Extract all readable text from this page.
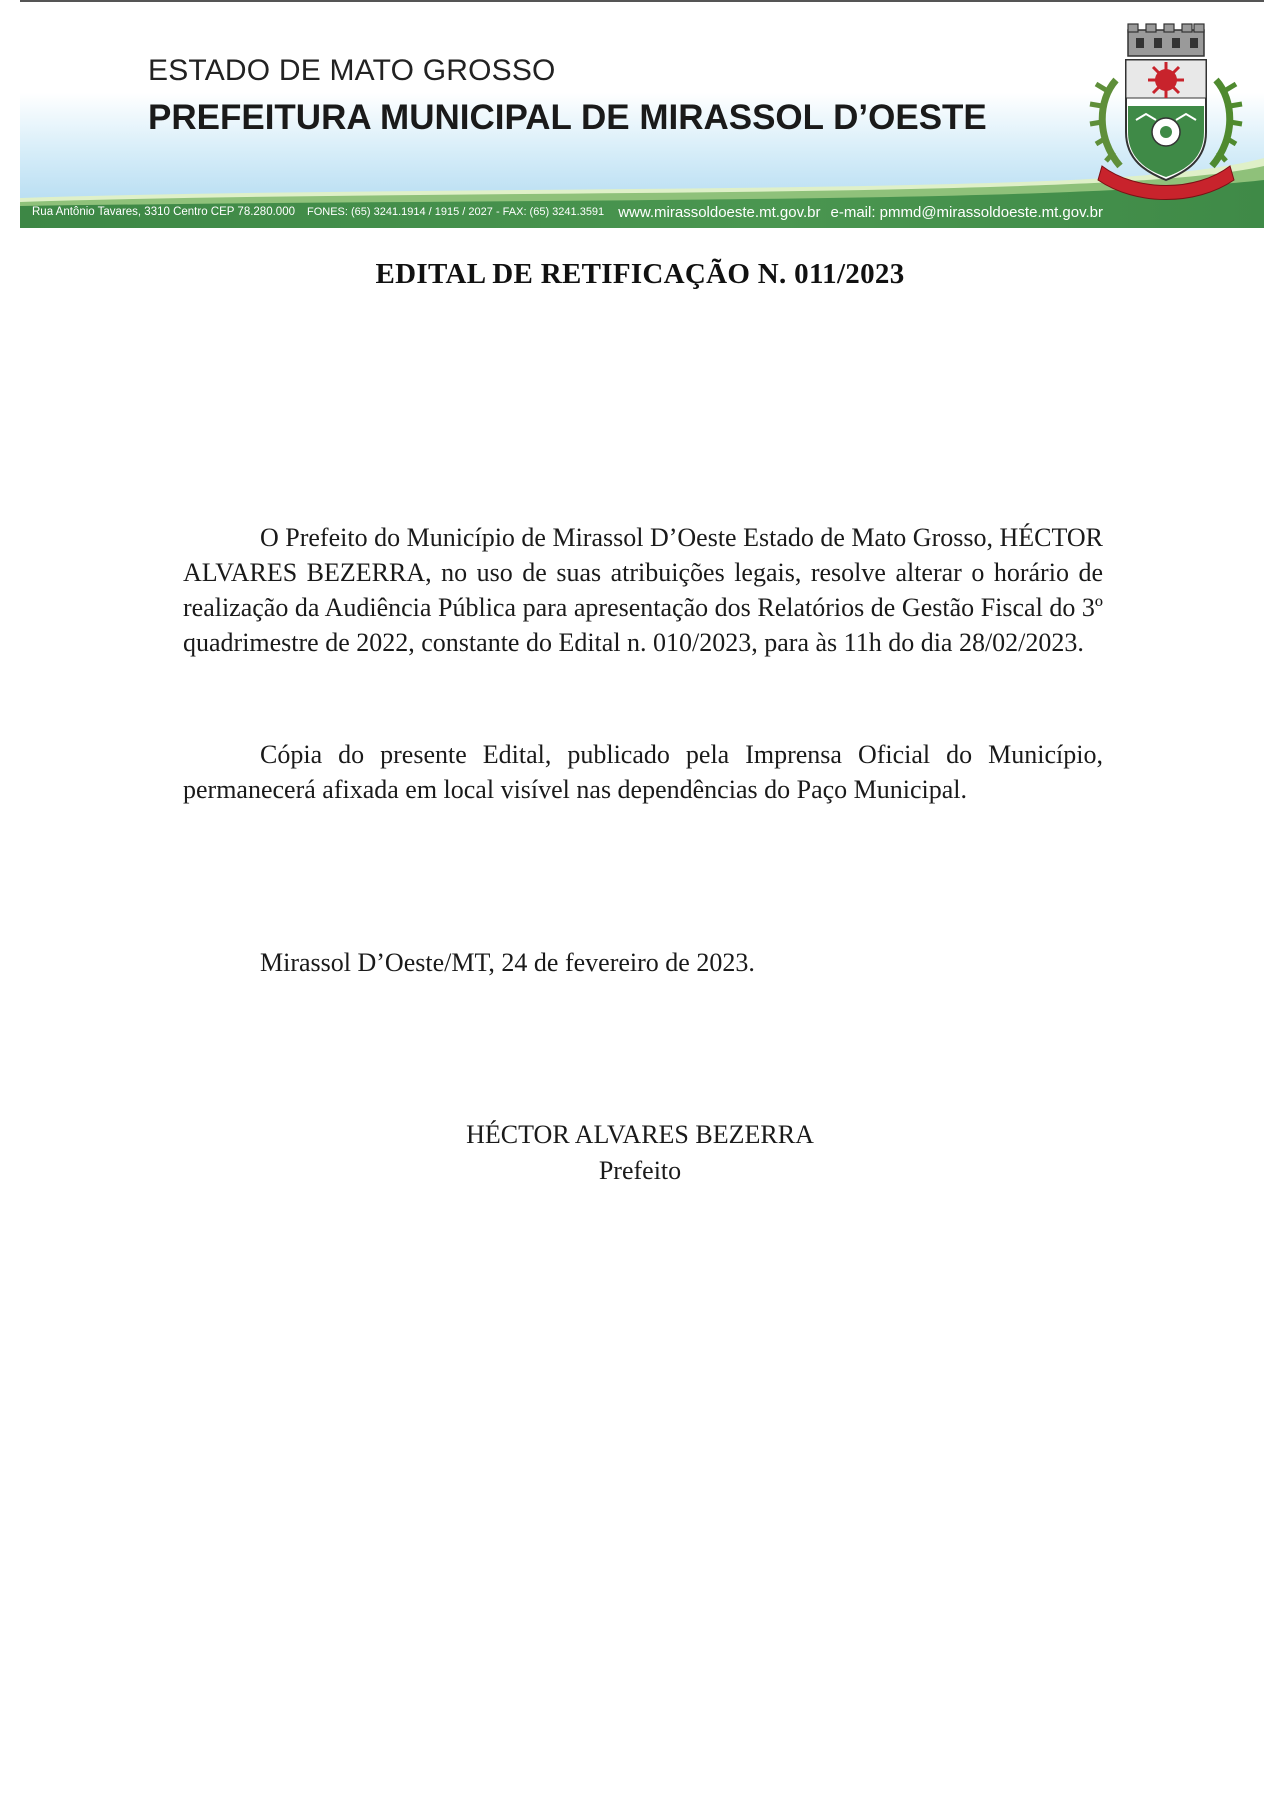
ESTADO DE MATO GROSSO
PREFEITURA MUNICIPAL DE MIRASSOL D’OESTE
Rua Antônio Tavares, 3310 Centro CEP 78.280.000 FONES: (65) 3241.1914 / 1915 / 2027 - FAX: (65) 3241.3591 www.mirassoldoeste.mt.gov.br e-mail: pmmd@mirassoldoeste.mt.gov.br
EDITAL DE RETIFICAÇÃO N. 011/2023

O Prefeito do Município de Mirassol D’Oeste Estado de Mato Grosso, HÉCTOR ALVARES BEZERRA, no uso de suas atribuições legais, resolve alterar o horário de realização da Audiência Pública para apresentação dos Relatórios de Gestão Fiscal do 3º quadrimestre de 2022, constante do Edital n. 010/2023, para às 11h do dia 28/02/2023.

Cópia do presente Edital, publicado pela Imprensa Oficial do Município, permanecerá afixada em local visível nas dependências do Paço Municipal.

Mirassol D’Oeste/MT, 24 de fevereiro de 2023.
HÉCTOR ALVARES BEZERRA
Prefeito
